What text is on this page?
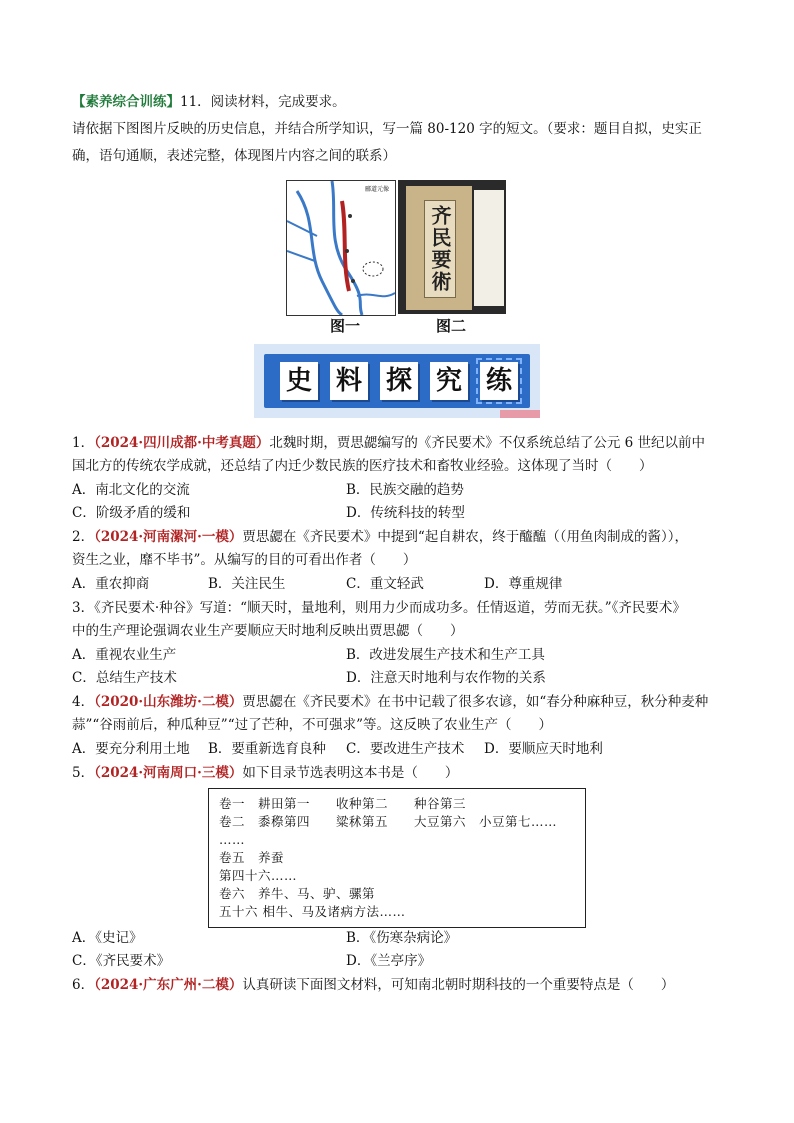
【素养综合训练】11．阅读材料，完成要求。
请依据下图图片反映的历史信息，并结合所学知识，写一篇 80-120 字的短文。（要求：题目自拟，史实正
确，语句通顺，表述完整，体现图片内容之间的联系）
郦道元像
齐民要術
图一	图二
史 料 探 究 练
1．（2024·四川成都·中考真题）北魏时期，贾思勰编写的《齐民要术》不仅系统总结了公元 6 世纪以前中
国北方的传统农学成就，还总结了内迁少数民族的医疗技术和畜牧业经验。这体现了当时（　　）
A．南北文化的交流	B．民族交融的趋势
C．阶级矛盾的缓和	D．传统科技的转型
2．（2024·河南漯河·一模）贾思勰在《齐民要术》中提到“起自耕农，终于醯醢（（用鱼肉制成的酱）），
资生之业，靡不毕书”。从编写的目的可看出作者（　　）
A．重农抑商	B．关注民生	C．重文轻武	D．尊重规律
3．《齐民要术·种谷》写道：“顺天时，量地利，则用力少而成功多。任情返道，劳而无获。”《齐民要术》
中的生产理论强调农业生产要顺应天时地利反映出贾思勰（　　）
A．重视农业生产	B．改进发展生产技术和生产工具
C．总结生产技术	D．注意天时地利与农作物的关系
4．（2020·山东潍坊·二模）贾思勰在《齐民要术》在书中记载了很多农谚，如“春分种麻种豆，秋分种麦种
蒜”“谷雨前后，种瓜种豆”“过了芒种，不可强求”等。这反映了农业生产（　　）
A．要充分利用土地 B．要重新选育良种 C．要改进生产技术 D．要顺应天时地利
5．（2024·河南周口·三模）如下目录节选表明这本书是（　　）
卷一　耕田第一　　收种第二　　种谷第三
卷二　黍穄第四　　粱秫第五　　大豆第六　小豆第七……
……
卷五　养蚕
第四十六……
卷六　养牛、马、驴、骡第
五十六 相牛、马及诸病方法……
A．《史记》	B．《伤寒杂病论》
C．《齐民要术》	D．《兰亭序》
6．（2024·广东广州·二模）认真研读下面图文材料，可知南北朝时期科技的一个重要特点是（　　）
